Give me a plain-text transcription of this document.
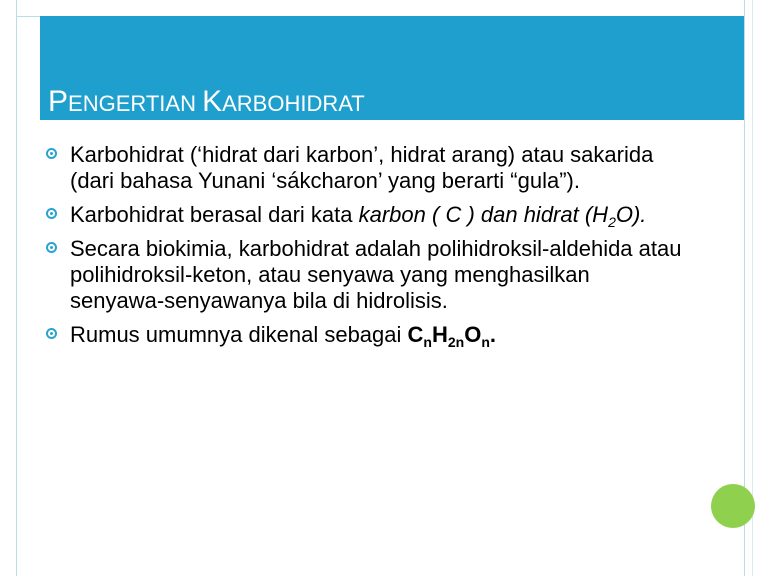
PENGERTIAN KARBOHIDRAT
Karbohidrat (‘hidrat dari karbon’, hidrat arang) atau sakarida (dari bahasa Yunani ‘sákcharon’ yang berarti “gula”).
Karbohidrat berasal dari kata karbon ( C ) dan hidrat $(H_2O)$.
Secara biokimia, karbohidrat adalah polihidroksil-aldehida atau polihidroksil-keton, atau senyawa yang menghasilkan senyawa-senyawanya bila di hidrolisis.
Rumus umumnya dikenal sebagai $C_nH_{2n}O_n$.
